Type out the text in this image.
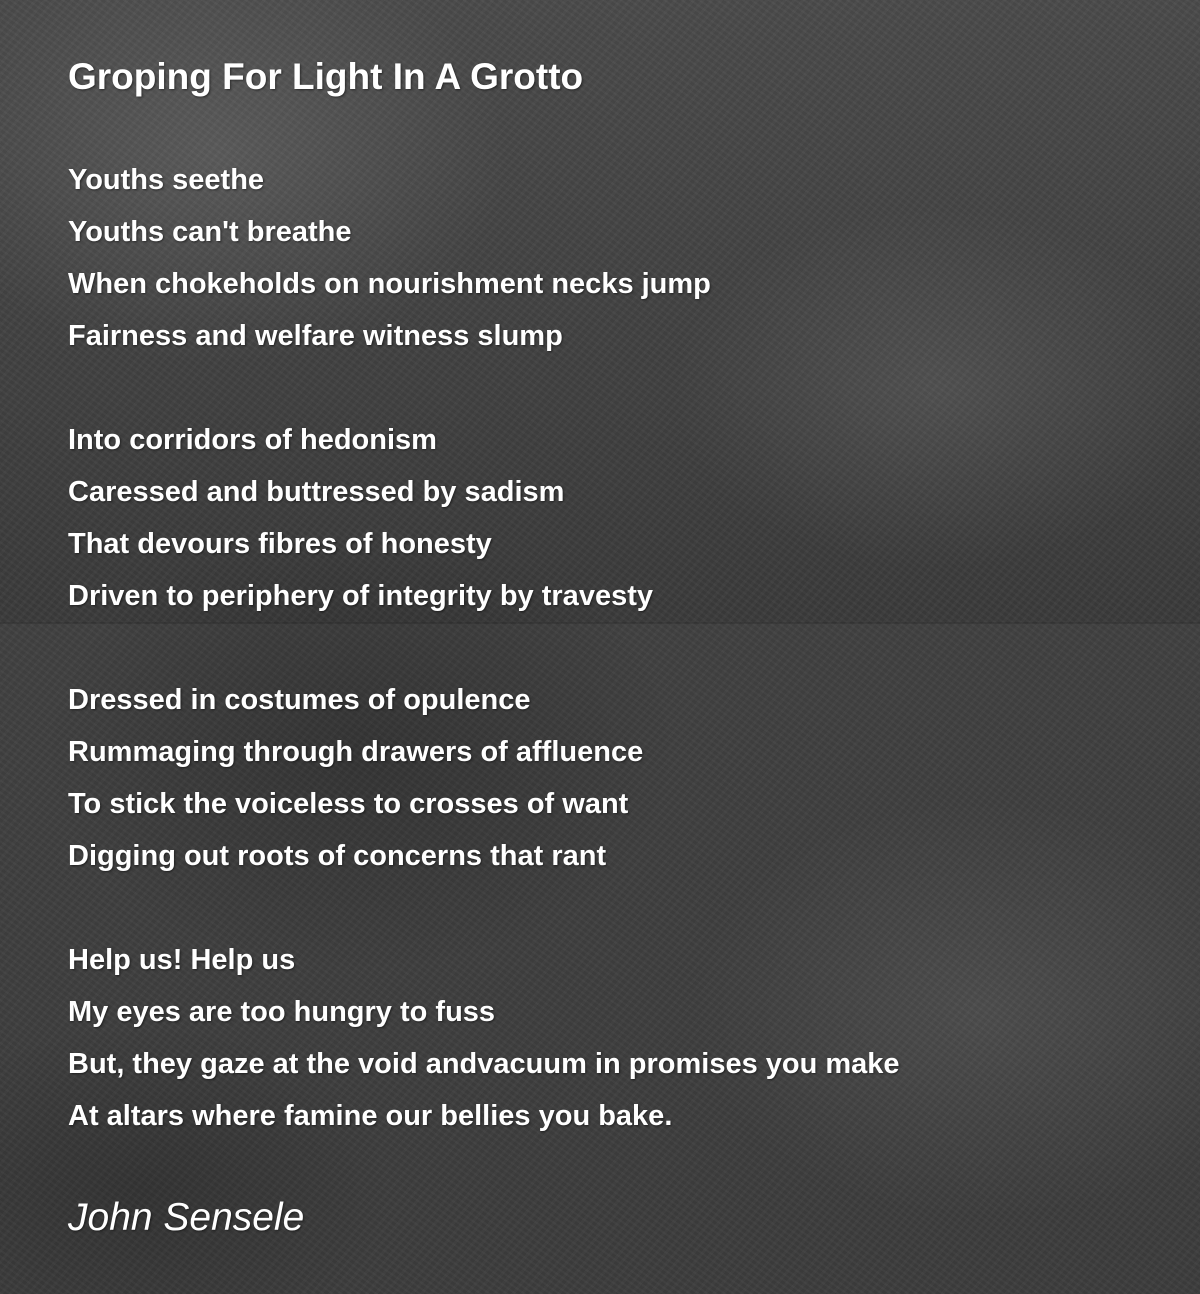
Groping For Light In A Grotto
Youths seethe
Youths can't breathe
When chokeholds on nourishment necks jump
Fairness and welfare witness slump
Into corridors of hedonism
Caressed and buttressed by sadism
That devours fibres of honesty
Driven to periphery of integrity by travesty
Dressed in costumes of opulence
Rummaging through drawers of affluence
To stick the voiceless to crosses of want
Digging out roots of concerns that rant
Help us! Help us
My eyes are too hungry to fuss
But, they gaze at the void andvacuum in promises you make
At altars where famine our bellies you bake.
John Sensele
